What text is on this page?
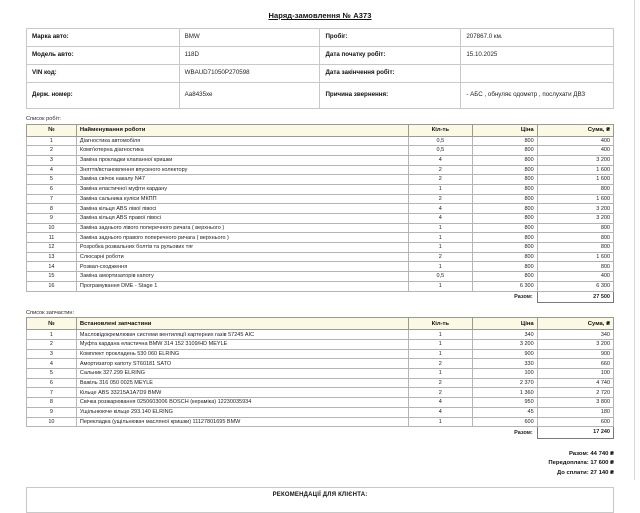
Наряд-замовлення № А373
Марка авто:	BMW	Пробіг:	207867.0 км.
Модель авто:	118D	Дата початку робіт:	15.10.2025
VIN код:	WBAUD71050P270598	Дата закінчення робіт:	
Держ. номер:	Аа8435хе	Причина звернення:	- АБС , обнуляє одометр , послухати ДВЗ
Список робіт:
№	Найменування роботи	Кіл-ть	Ціна	Сума, ₴
1	Діагностика автомобіля	0,5	800	400
2	Комп'ютерна діагностика	0,5	800	400
3	Заміна прокладки клапанної кришки	4	800	3 200
4	Зняття/встановлення впускного колектору	2	800	1 600
5	Заміна свічок накалу N47	2	800	1 600
6	Заміна еластичної муфти кардану	1	800	800
7	Заміна сальника куліси МКПП	2	800	1 600
8	Заміна кільця ABS лівої півосі	4	800	3 200
9	Заміна кільця ABS правої півосі	4	800	3 200
10	Заміна заднього лівого поперечного ричага ( верхнього )	1	800	800
11	Заміна заднього правого поперечного ричага ( верхнього )	1	800	800
12	Розробка розвальних болтів та рульових тяг	1	800	800
13	Слюсарні роботи	2	800	1 600
14	Розвал-сходження	1	800	800
15	Заміна амортизаторів капоту	0,5	800	400
16	Програмування DME - Stage 1	1	6 300	6 300
			Разом:	27 500
Список запчастин:
№	Встановлені запчастини	Кіл-ть	Ціна	Сума, ₴
1	Масловідокремлювач системи вентиляції картерних газів 57245 AIC	1	340	340
2	Муфта кардана еластична BMW 314 152 3109/HD MEYLE	1	3 200	3 200
3	Комплект прокладень 530 060 ELRING	1	900	900
4	Амортизатор капоту ST60181 SATO	2	330	660
5	Сальник 327.299 ELRING	1	100	100
6	Важіль 316 050 0025 MEYLE	2	2 370	4 740
7	Кільце ABS 33215A1A7D9 BMW	2	1 360	2 720
8	Свічка розжарювання 0250603006 BOSCH (кераміка) 12230035934	4	950	3 800
9	Ущільнююче кільце 293.140 ELRING	4	45	180
10	Перекладка (ущільнювач масляної кришки) 11127801695 BMW	1	600	600
			Разом:	17 240
Разом: 44 740 ₴
Передоплата: 17 600 ₴
До сплати: 27 140 ₴
РЕКОМЕНДАЦІЇ ДЛЯ КЛІЄНТА:
